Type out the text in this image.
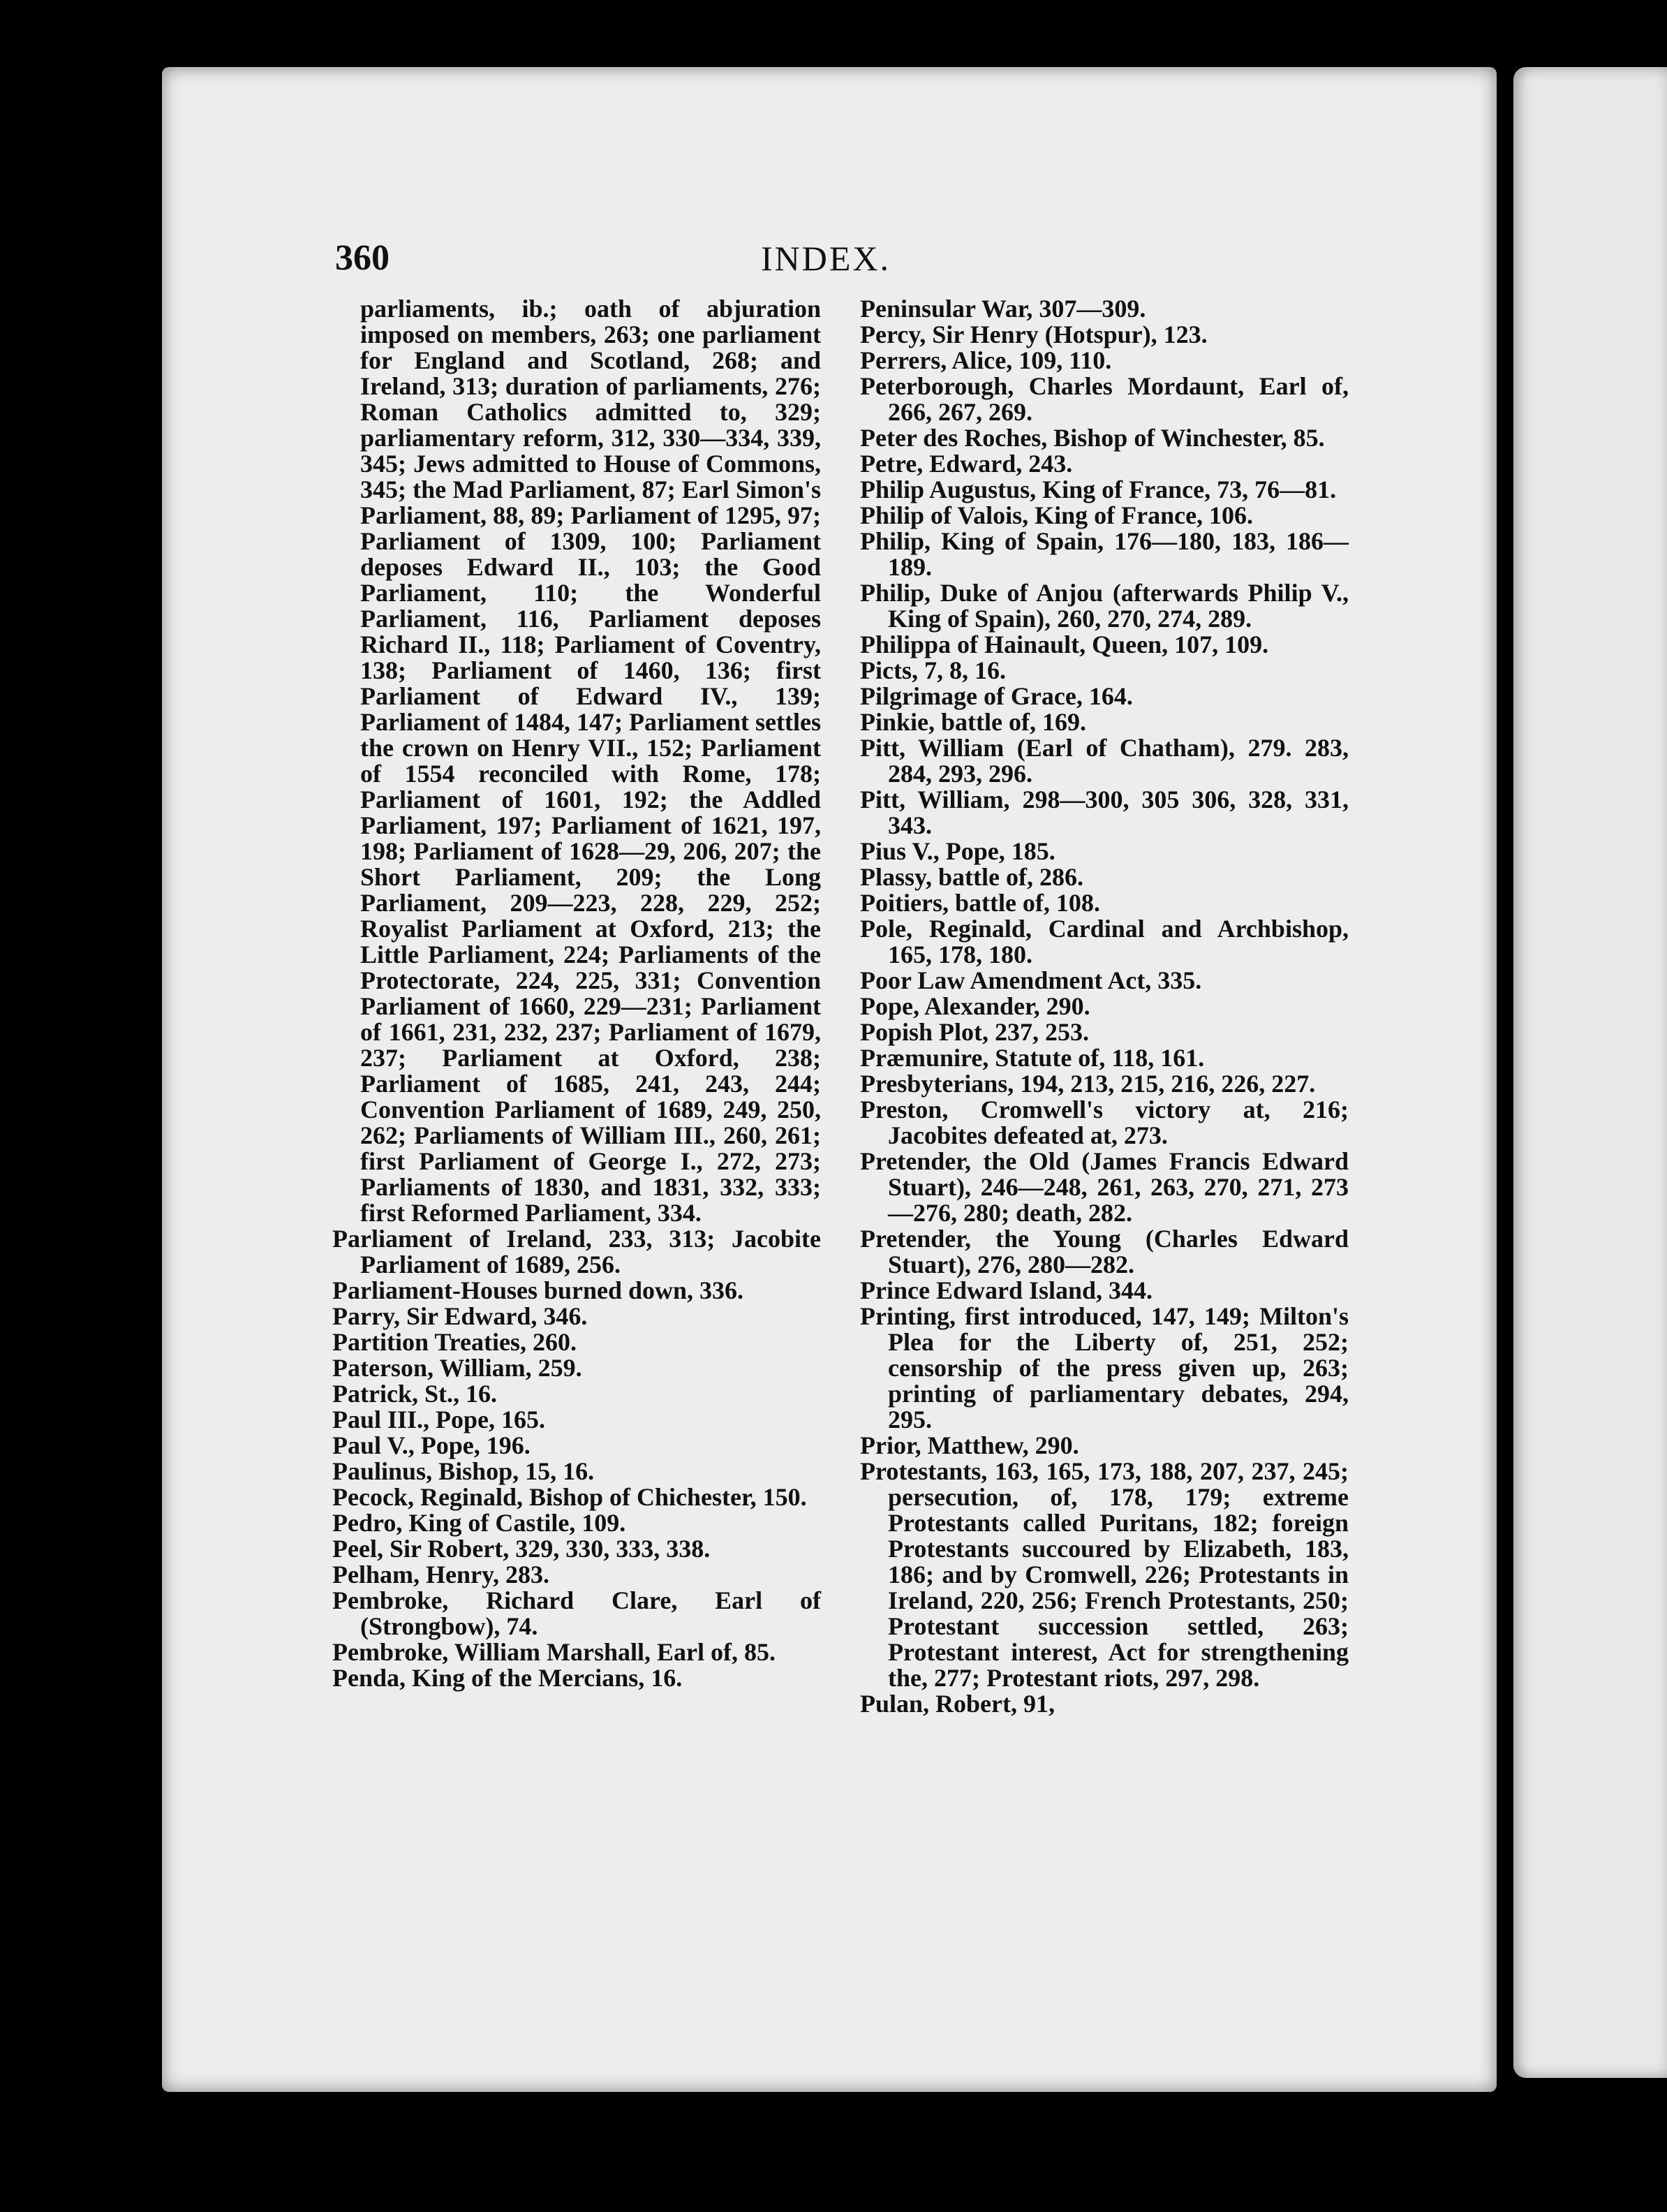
360	INDEX.

parliaments, ib.; oath of abjuration imposed on members, 263; one parliament for England and Scotland, 268; and Ireland, 313; duration of parliaments, 276; Roman Catholics admitted to, 329; parliamentary reform, 312, 330—334, 339, 345; Jews admitted to House of Commons, 345; the Mad Parliament, 87; Earl Simon's Parliament, 88, 89; Parliament of 1295, 97; Parliament of 1309, 100; Parliament deposes Edward II., 103; the Good Parliament, 110; the Wonderful Parliament, 116, Parliament deposes Richard II., 118; Parliament of Coventry, 138; Parliament of 1460, 136; first Parliament of Edward IV., 139; Parliament of 1484, 147; Parliament settles the crown on Henry VII., 152; Parliament of 1554 reconciled with Rome, 178; Parliament of 1601, 192; the Addled Parliament, 197; Parliament of 1621, 197, 198; Parliament of 1628—29, 206, 207; the Short Parliament, 209; the Long Parliament, 209—223, 228, 229, 252; Royalist Parliament at Oxford, 213; the Little Parliament, 224; Parliaments of the Protectorate, 224, 225, 331; Convention Parliament of 1660, 229—231; Parliament of 1661, 231, 232, 237; Parliament of 1679, 237; Parliament at Oxford, 238; Parliament of 1685, 241, 243, 244; Convention Parliament of 1689, 249, 250, 262; Parliaments of William III., 260, 261; first Parliament of George I., 272, 273; Parliaments of 1830, and 1831, 332, 333; first Reformed Parliament, 334.

Parliament of Ireland, 233, 313; Jacobite Parliament of 1689, 256.

Parliament-Houses burned down, 336.

Parry, Sir Edward, 346.

Partition Treaties, 260.

Paterson, William, 259.

Patrick, St., 16.

Paul III., Pope, 165.

Paul V., Pope, 196.

Paulinus, Bishop, 15, 16.

Pecock, Reginald, Bishop of Chichester, 150.

Pedro, King of Castile, 109.

Peel, Sir Robert, 329, 330, 333, 338.

Pelham, Henry, 283.

Pembroke, Richard Clare, Earl of (Strongbow), 74.

Pembroke, William Marshall, Earl of, 85.

Penda, King of the Mercians, 16.

Peninsular War, 307—309.

Percy, Sir Henry (Hotspur), 123.

Perrers, Alice, 109, 110.

Peterborough, Charles Mordaunt, Earl of, 266, 267, 269.

Peter des Roches, Bishop of Winchester, 85.

Petre, Edward, 243.

Philip Augustus, King of France, 73, 76—81.

Philip of Valois, King of France, 106.

Philip, King of Spain, 176—180, 183, 186—189.

Philip, Duke of Anjou (afterwards Philip V., King of Spain), 260, 270, 274, 289.

Philippa of Hainault, Queen, 107, 109.

Picts, 7, 8, 16.

Pilgrimage of Grace, 164.

Pinkie, battle of, 169.

Pitt, William (Earl of Chatham), 279. 283, 284, 293, 296.

Pitt, William, 298—300, 305 306, 328, 331, 343.

Pius V., Pope, 185.

Plassy, battle of, 286.

Poitiers, battle of, 108.

Pole, Reginald, Cardinal and Archbishop, 165, 178, 180.

Poor Law Amendment Act, 335.

Pope, Alexander, 290.

Popish Plot, 237, 253.

Præmunire, Statute of, 118, 161.

Presbyterians, 194, 213, 215, 216, 226, 227.

Preston, Cromwell's victory at, 216; Jacobites defeated at, 273.

Pretender, the Old (James Francis Edward Stuart), 246—248, 261, 263, 270, 271, 273—276, 280; death, 282.

Pretender, the Young (Charles Edward Stuart), 276, 280—282.

Prince Edward Island, 344.

Printing, first introduced, 147, 149; Milton's Plea for the Liberty of, 251, 252; censorship of the press given up, 263; printing of parliamentary debates, 294, 295.

Prior, Matthew, 290.

Protestants, 163, 165, 173, 188, 207, 237, 245; persecution, of, 178, 179; extreme Protestants called Puritans, 182; foreign Protestants succoured by Elizabeth, 183, 186; and by Cromwell, 226; Protestants in Ireland, 220, 256; French Protestants, 250; Protestant succession settled, 263; Protestant interest, Act for strengthening the, 277; Protestant riots, 297, 298.

Pulan, Robert, 91,
